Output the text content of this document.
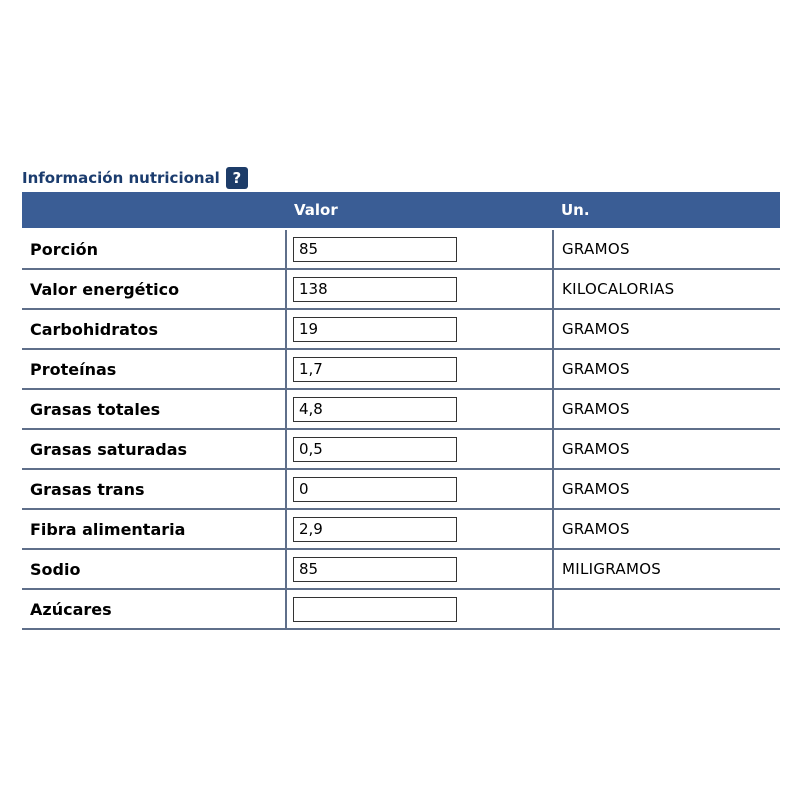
Información nutricional ?
	Valor	Un.
Porción	85	GRAMOS
Valor energético	138	KILOCALORIAS
Carbohidratos	19	GRAMOS
Proteínas	1,7	GRAMOS
Grasas totales	4,8	GRAMOS
Grasas saturadas	0,5	GRAMOS
Grasas trans	0	GRAMOS
Fibra alimentaria	2,9	GRAMOS
Sodio	85	MILIGRAMOS
Azúcares		
